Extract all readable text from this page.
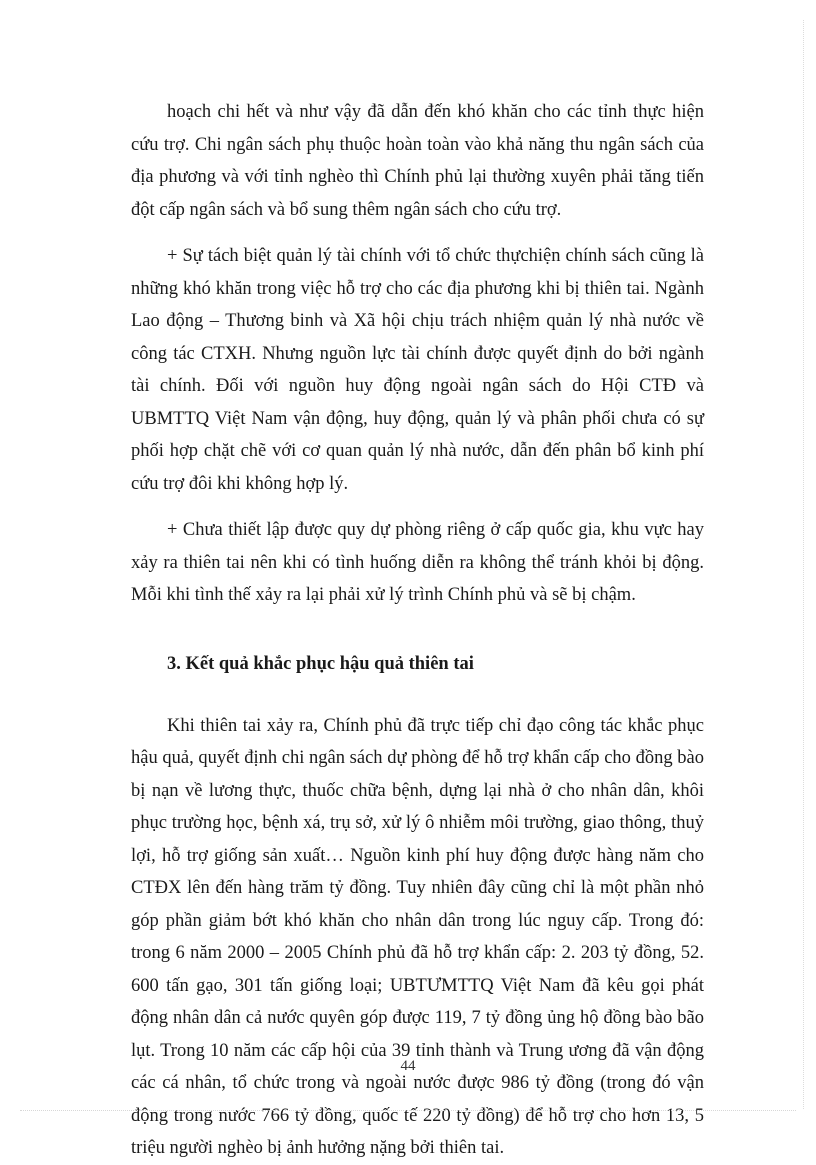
hoạch chi hết và như vậy đã dẫn đến khó khăn cho các tỉnh thực hiện cứu trợ. Chi ngân sách phụ thuộc hoàn toàn vào khả năng thu ngân sách của địa phương và với tỉnh nghèo thì Chính phủ lại thường xuyên phải tăng tiến đột cấp ngân sách và bổ sung thêm ngân sách cho cứu trợ.

+ Sự tách biệt quản lý tài chính với tổ chức thựchiện chính sách cũng là những khó khăn trong việc hỗ trợ cho các địa phương khi bị thiên tai. Ngành Lao động – Thương binh và Xã hội chịu trách nhiệm quản lý nhà nước về công tác CTXH. Nhưng nguồn lực tài chính được quyết định do bởi ngành tài chính. Đối với nguồn huy động ngoài ngân sách do Hội CTĐ và UBMTTQ Việt Nam vận động, huy động, quản lý và phân phối chưa có sự phối hợp chặt chẽ với cơ quan quản lý nhà nước, dẫn đến phân bổ kinh phí cứu trợ đôi khi không hợp lý.

+ Chưa thiết lập được quy dự phòng riêng ở cấp quốc gia, khu vực hay xảy ra thiên tai nên khi có tình huống diễn ra không thể tránh khỏi bị động. Mỗi khi tình thế xảy ra lại phải xử lý trình Chính phủ và sẽ bị chậm.

3. Kết quả khắc phục hậu quả thiên tai

Khi thiên tai xảy ra, Chính phủ đã trực tiếp chỉ đạo công tác khắc phục hậu quả, quyết định chi ngân sách dự phòng để hỗ trợ khẩn cấp cho đồng bào bị nạn về lương thực, thuốc chữa bệnh, dựng lại nhà ở cho nhân dân, khôi phục trường học, bệnh xá, trụ sở, xử lý ô nhiễm môi trường, giao thông, thuỷ lợi, hỗ trợ giống sản xuất… Nguồn kinh phí huy động được hàng năm cho CTĐX lên đến hàng trăm tỷ đồng. Tuy nhiên đây cũng chỉ là một phần nhỏ góp phần giảm bớt khó khăn cho nhân dân trong lúc nguy cấp. Trong đó: trong 6 năm 2000 – 2005 Chính phủ đã hỗ trợ khẩn cấp: 2. 203 tỷ đồng, 52. 600 tấn gạo, 301 tấn giống loại; UBTƯMTTQ Việt Nam đã kêu gọi phát động nhân dân cả nước quyên góp được 119, 7 tỷ đồng ủng hộ đồng bào bão lụt. Trong 10 năm các cấp hội của 39 tỉnh thành và Trung ương đã vận động các cá nhân, tổ chức trong và ngoài nước được 986 tỷ đồng (trong đó vận động trong nước 766 tỷ đồng, quốc tế 220 tỷ đồng) để hỗ trợ cho hơn 13, 5 triệu người nghèo bị ảnh hưởng nặng bởi thiên tai.

44
